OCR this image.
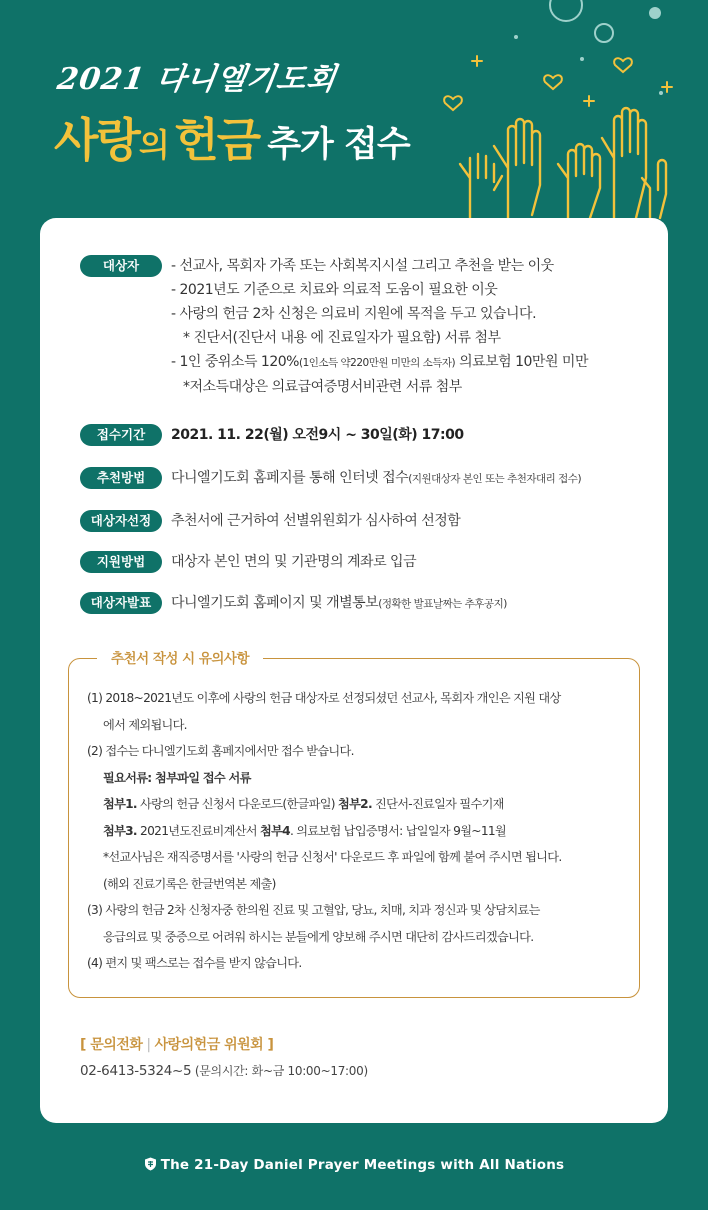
2021 다니엘기도회
사랑의 헌금 추가 접수
대상자	- 선교사, 목회자 가족 또는 사회복지시설 그리고 추천을 받는 이웃
- 2021년도 기준으로 치료와 의료적 도움이 필요한 이웃
- 사랑의 헌금 2차 신청은 의료비 지원에 목적을 두고 있습니다.
* 진단서(진단서 내용 에 진료일자가 필요함) 서류 첨부
- 1인 중위소득 120%(1인소득 약220만원 미만의 소득자) 의료보험 10만원 미만
*저소득대상은 의료급여증명서비관련 서류 첨부
접수기간	2021. 11. 22(월) 오전9시 ~ 30일(화) 17:00
추천방법	다니엘기도회 홈페지를 통해 인터넷 접수(지원대상자 본인 또는 추천자대리 접수)
대상자선정	추천서에 근거하여 선별위원회가 심사하여 선정함
지원방법	대상자 본인 면의 및 기관명의 계좌로 입금
대상자발표	다니엘기도회 홈페이지 및 개별통보(정확한 발표날짜는 추후공지)
추천서 작성 시 유의사항
(1) 2018~2021년도 이후에 사랑의 헌금 대상자로 선정되셨던 선교사, 목회자 개인은 지원 대상
에서 제외됩니다.
(2) 접수는 다니엘기도회 홈페지에서만 접수 받습니다.
필요서류: 첨부파일 접수 서류
첨부1. 사랑의 헌금 신청서 다운로드(한글파일) 첨부2. 진단서-진료일자 필수기재
첨부3. 2021년도진료비계산서 첨부4. 의료보험 납입증명서: 납일일자 9월~11월
*선교사님은 재직증명서를 '사랑의 헌금 신청서' 다운로드 후 파일에 함께 붙여 주시면 됩니다.
(해외 진료기록은 한글번역본 제출)
(3) 사랑의 헌금 2차 신청자중 한의원 진료 및 고혈압, 당뇨, 치매, 치과 정신과 및 상담치료는
응급의료 및 중증으로 어려워 하시는 분들에게 양보해 주시면 대단히 감사드리겠습니다.
(4) 편지 및 팩스로는 접수를 받지 않습니다.
[ 문의전화 | 사랑의헌금 위원회 ]
02-6413-5324~5 (문의시간: 화~금 10:00~17:00)
The 21-Day Daniel Prayer Meetings with All Nations
